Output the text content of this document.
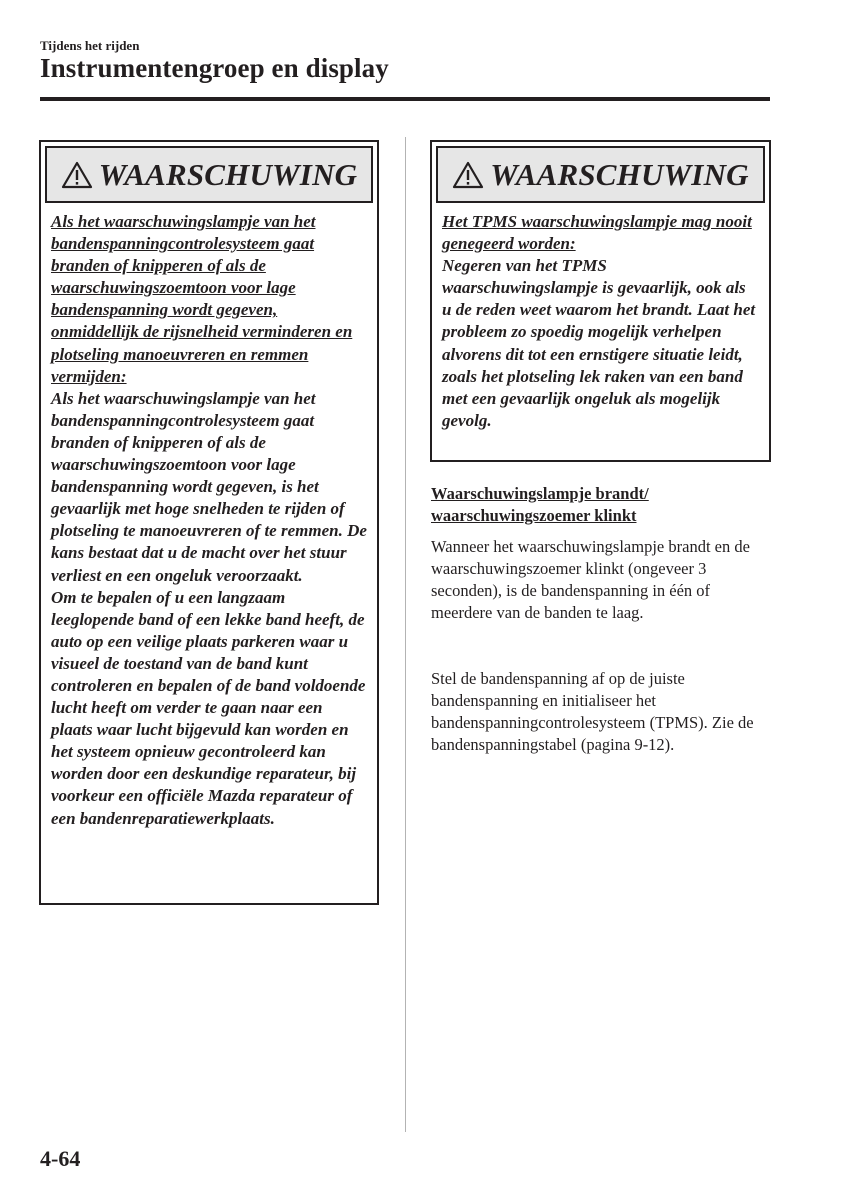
Tijdens het rijden
Instrumentengroep en display
WAARSCHUWING
Als het waarschuwingslampje van het bandenspanningcontrolesysteem gaat branden of knipperen of als de waarschuwingszoemtoon voor lage bandenspanning wordt gegeven, onmiddellijk de rijsnelheid verminderen en plotseling manoeuvreren en remmen vermijden:
Als het waarschuwingslampje van het bandenspanningcontrolesysteem gaat branden of knipperen of als de waarschuwingszoemtoon voor lage bandenspanning wordt gegeven, is het gevaarlijk met hoge snelheden te rijden of plotseling te manoeuvreren of te remmen. De kans bestaat dat u de macht over het stuur verliest en een ongeluk veroorzaakt.
Om te bepalen of u een langzaam leeglopende band of een lekke band heeft, de auto op een veilige plaats parkeren waar u visueel de toestand van de band kunt controleren en bepalen of de band voldoende lucht heeft om verder te gaan naar een plaats waar lucht bijgevuld kan worden en het systeem opnieuw gecontroleerd kan worden door een deskundige reparateur, bij voorkeur een officiële Mazda reparateur of een bandenreparatiewerkplaats.
WAARSCHUWING
Het TPMS waarschuwingslampje mag nooit genegeerd worden:
Negeren van het TPMS waarschuwingslampje is gevaarlijk, ook als u de reden weet waarom het brandt. Laat het probleem zo spoedig mogelijk verhelpen alvorens dit tot een ernstigere situatie leidt, zoals het plotseling lek raken van een band met een gevaarlijk ongeluk als mogelijk gevolg.
Waarschuwingslampje brandt/ waarschuwingszoemer klinkt
Wanneer het waarschuwingslampje brandt en de waarschuwingszoemer klinkt (ongeveer 3 seconden), is de bandenspanning in één of meerdere van de banden te laag.
Stel de bandenspanning af op de juiste bandenspanning en initialiseer het bandenspanningcontrolesysteem (TPMS). Zie de bandenspanningstabel (pagina 9-12).
4-64
